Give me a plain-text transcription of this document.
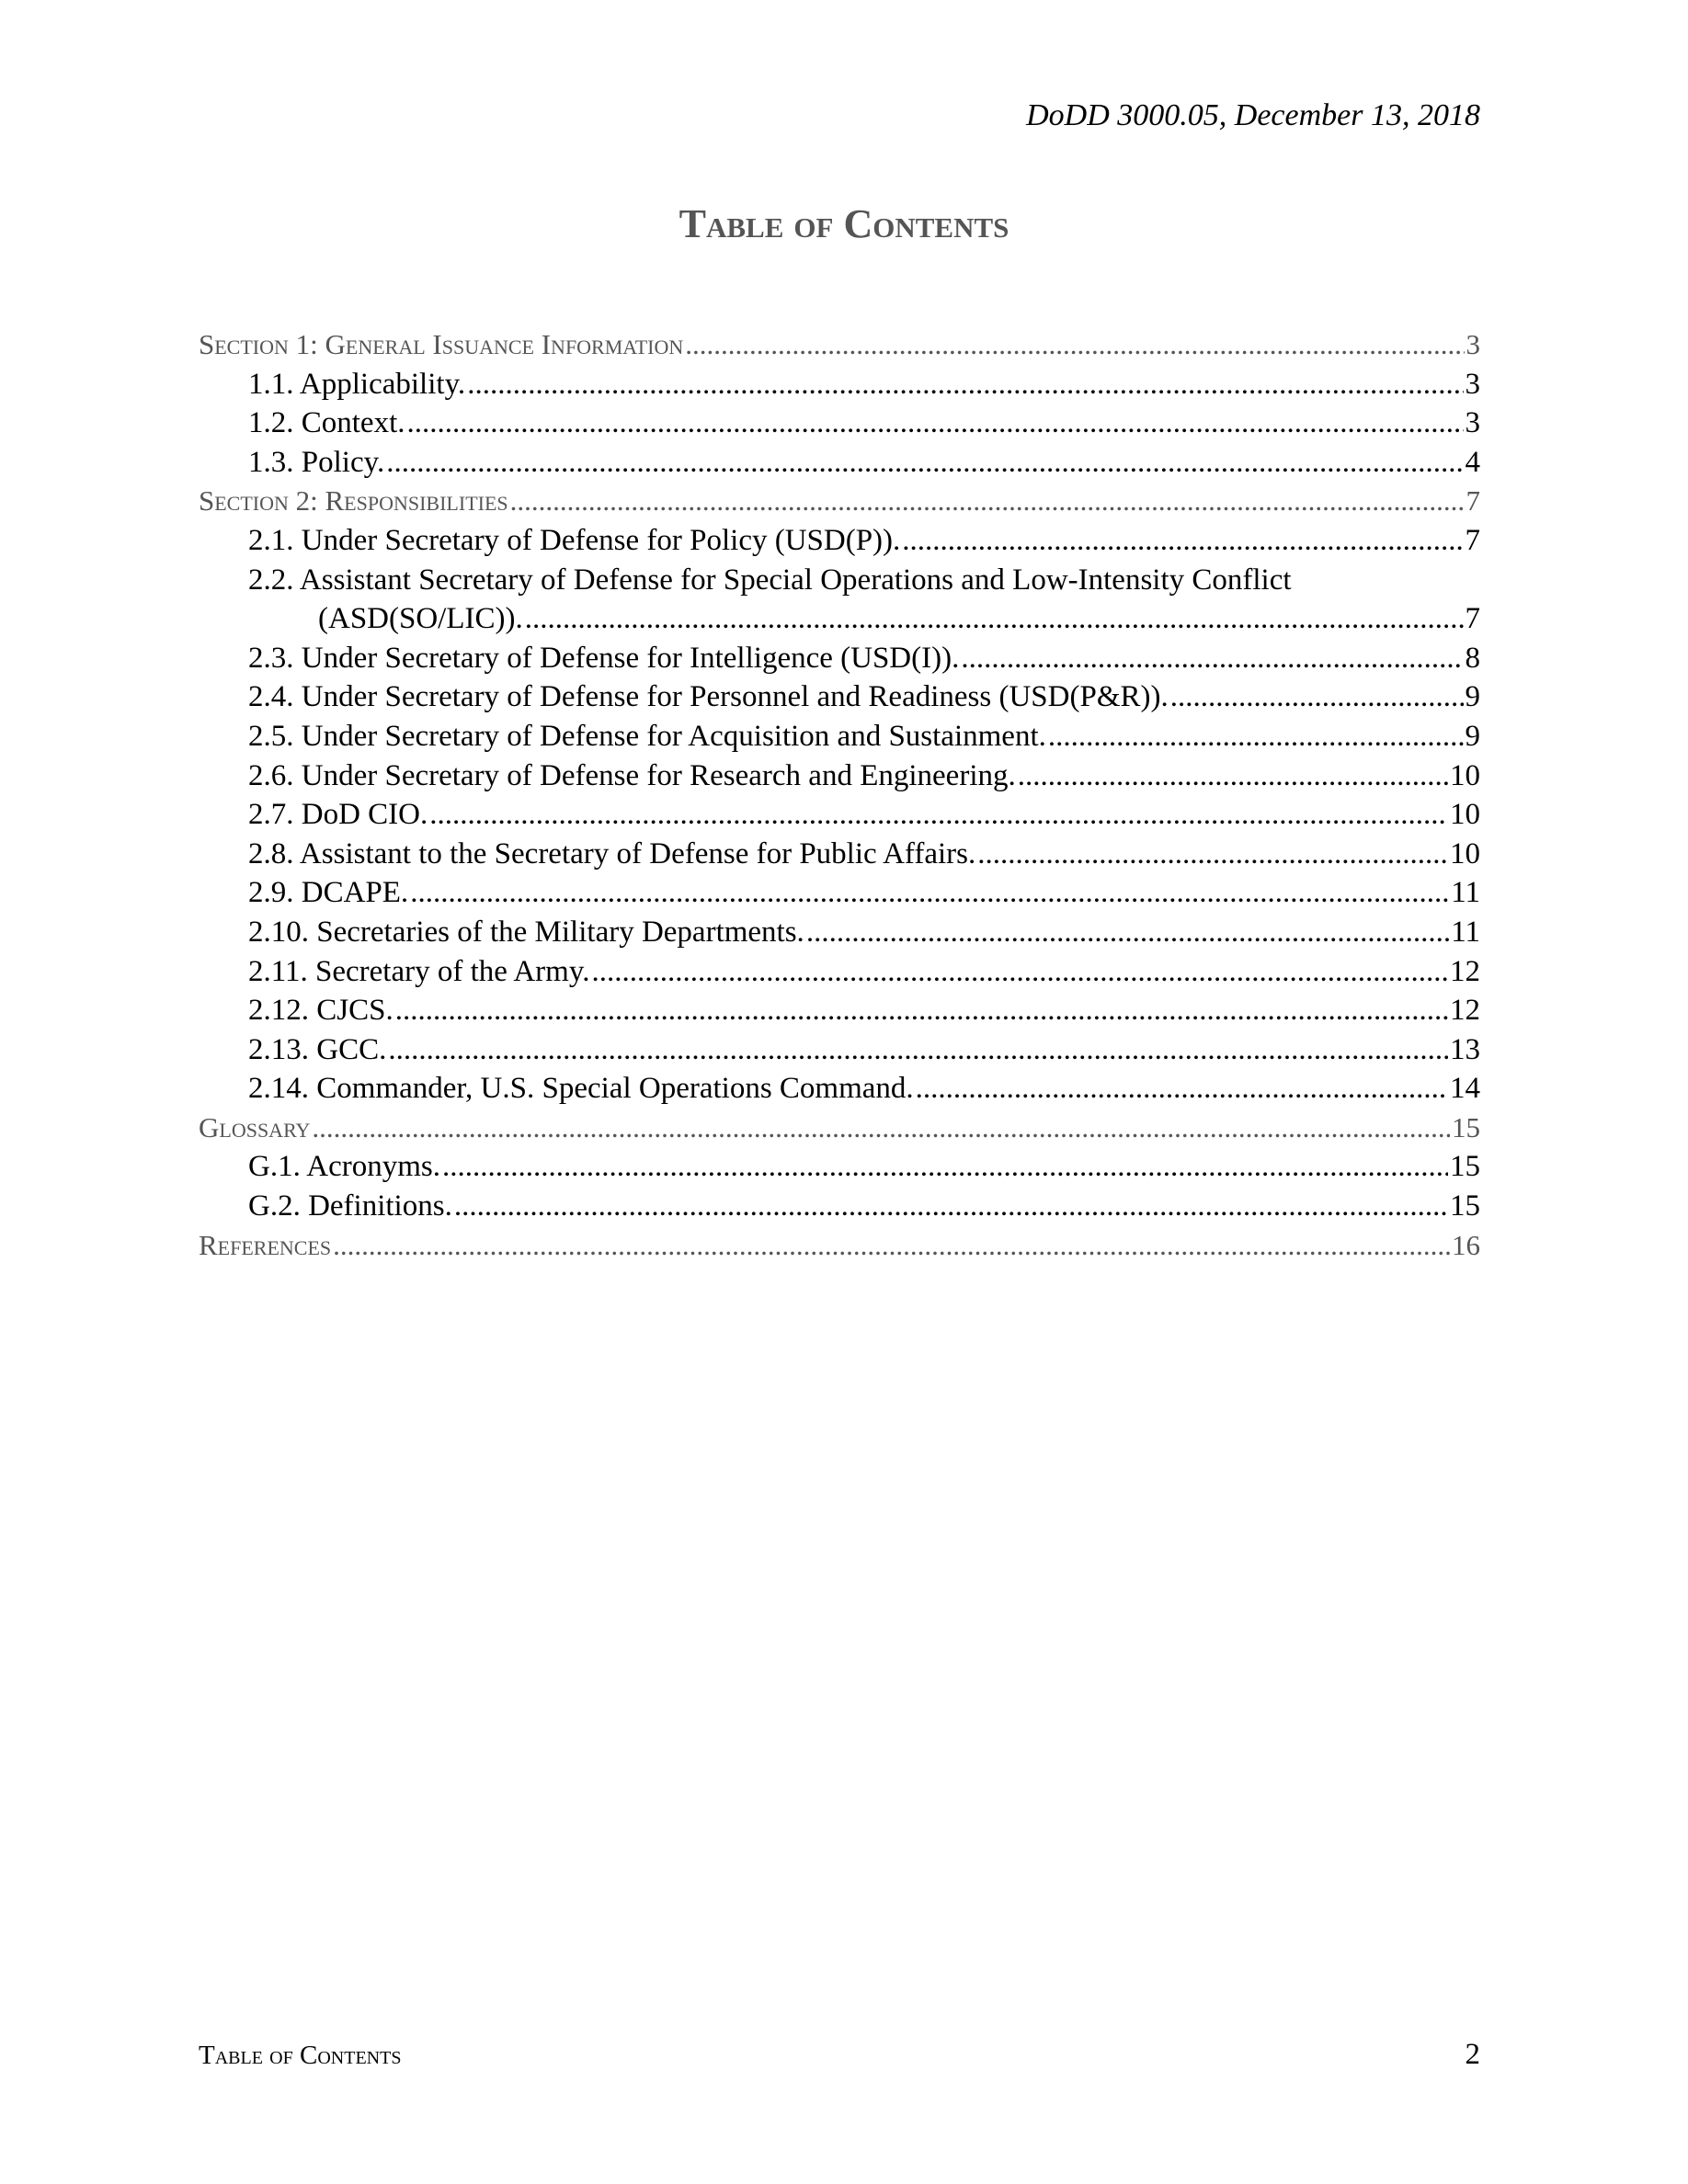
DoDD 3000.05, December 13, 2018
Table of Contents
Section 1: General Issuance Information .....	3
1.1. Applicability. .....	3
1.2. Context. .....	3
1.3. Policy. .....	4
Section 2: Responsibilities .....	7
2.1. Under Secretary of Defense for Policy (USD(P)). .....	7
2.2. Assistant Secretary of Defense for Special Operations and Low-Intensity Conflict
(ASD(SO/LIC)). .....	7
2.3. Under Secretary of Defense for Intelligence (USD(I)). .....	8
2.4. Under Secretary of Defense for Personnel and Readiness (USD(P&R)). .....	9
2.5. Under Secretary of Defense for Acquisition and Sustainment. .....	9
2.6. Under Secretary of Defense for Research and Engineering. .....	10
2.7. DoD CIO. .....	10
2.8. Assistant to the Secretary of Defense for Public Affairs. .....	10
2.9. DCAPE. .....	11
2.10. Secretaries of the Military Departments. .....	11
2.11. Secretary of the Army. .....	12
2.12. CJCS. .....	12
2.13. GCC. .....	13
2.14. Commander, U.S. Special Operations Command. .....	14
Glossary .....	15
G.1. Acronyms. .....	15
G.2. Definitions. .....	15
References .....	16
Table of Contents	2
